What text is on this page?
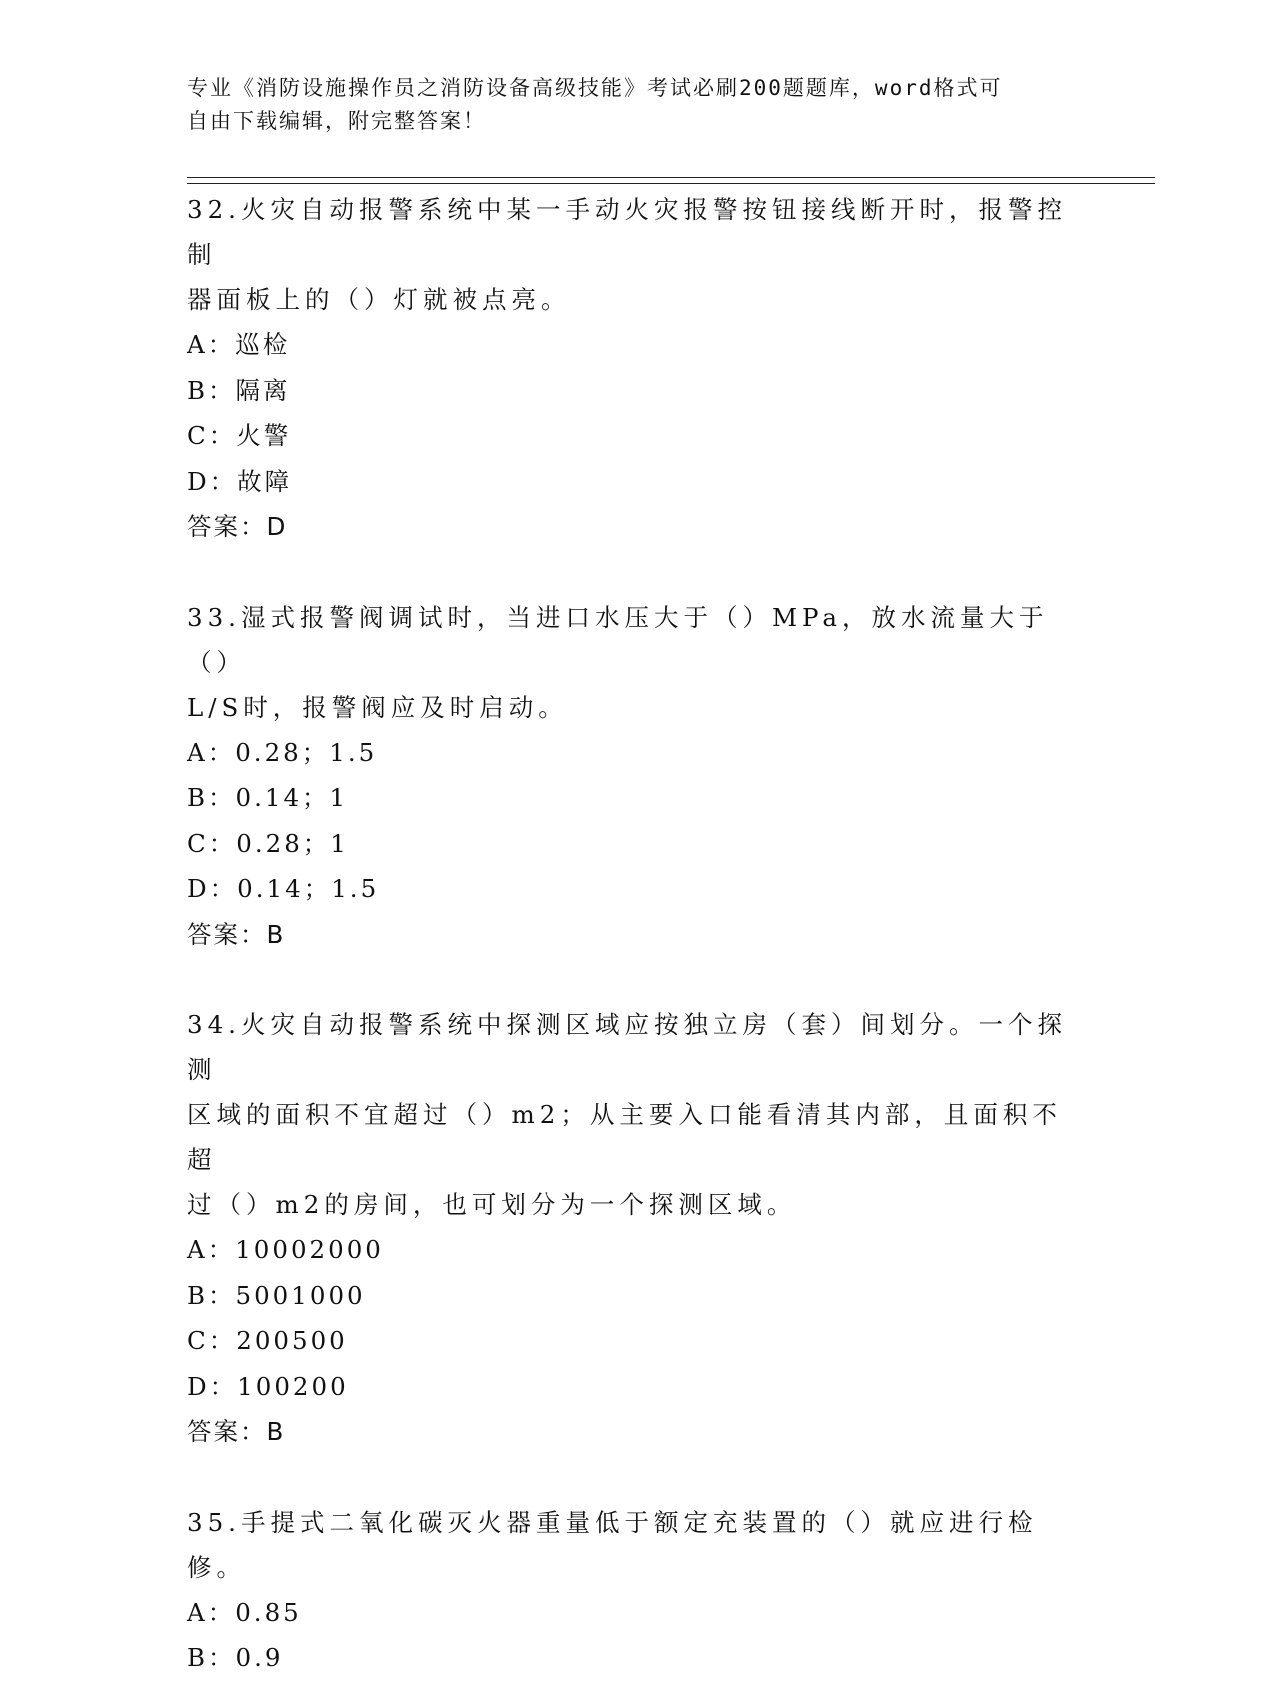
专业《消防设施操作员之消防设备高级技能》考试必刷200题题库，word格式可
自由下载编辑，附完整答案！
32.火灾自动报警系统中某一手动火灾报警按钮接线断开时，报警控制
器面板上的（）灯就被点亮。
A：巡检
B：隔离
C：火警
D：故障
答案：D
33.湿式报警阀调试时，当进口水压大于（）MPa，放水流量大于（）
L/S时，报警阀应及时启动。
A：0.28；1.5
B：0.14；1
C：0.28；1
D：0.14；1.5
答案：B
34.火灾自动报警系统中探测区域应按独立房（套）间划分。一个探测
区域的面积不宜超过（）m2；从主要入口能看清其内部，且面积不超
过（）m2的房间，也可划分为一个探测区域。
A：10002000
B：5001000
C：200500
D：100200
答案：B
35.手提式二氧化碳灭火器重量低于额定充装置的（）就应进行检修。
A：0.85
B：0.9
